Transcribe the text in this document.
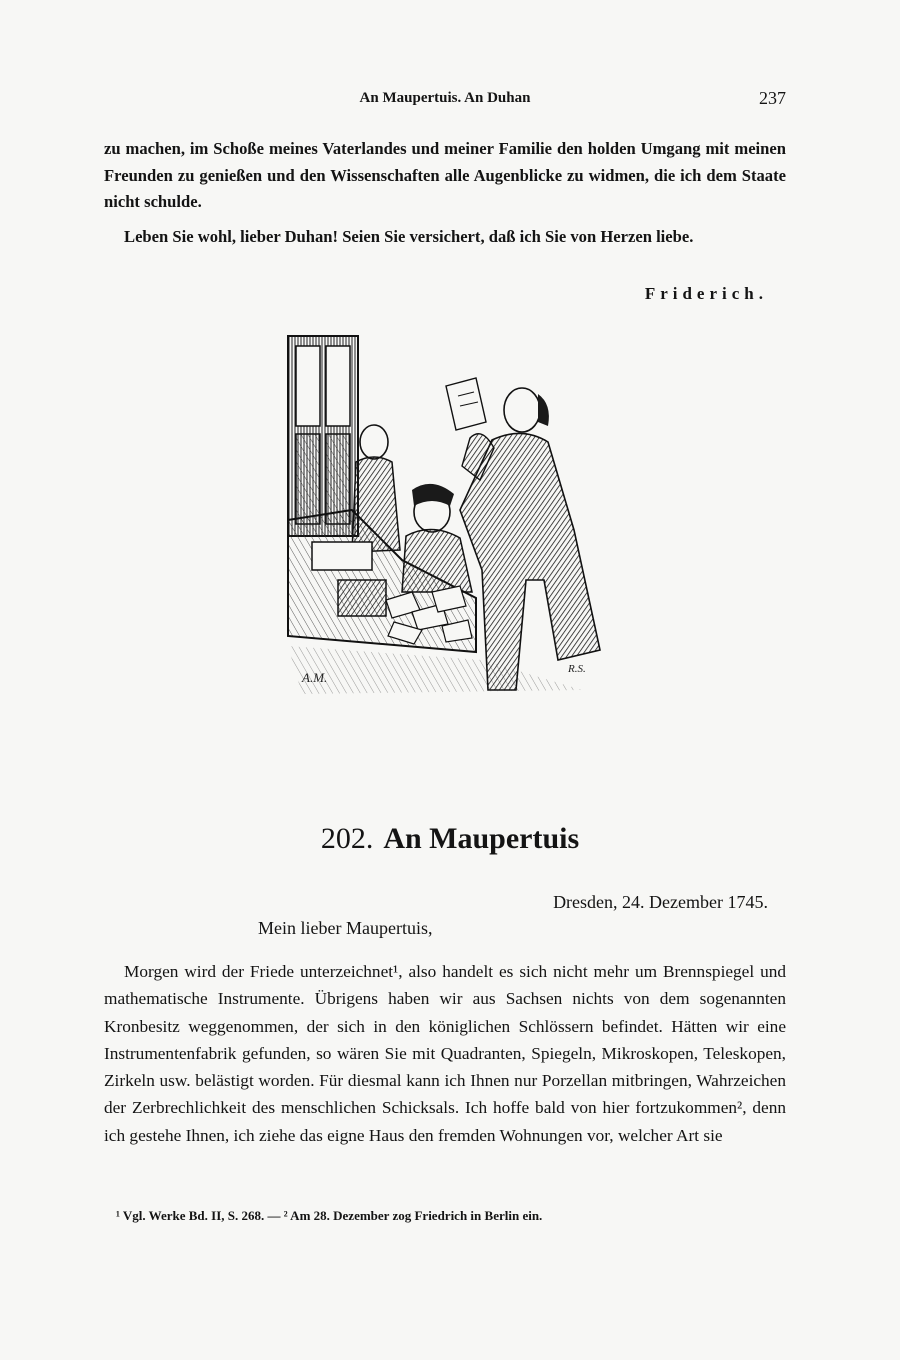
An Maupertuis. An Duhan	237

zu machen, im Schoße meines Vaterlandes und meiner Familie den holden Umgang mit meinen Freunden zu genießen und den Wissenschaften alle Augenblicke zu widmen, die ich dem Staate nicht schulde.

Leben Sie wohl, lieber Duhan! Seien Sie versichert, daß ich Sie von Herzen liebe.

Friderich.
A.M.
R.S.
202. An Maupertuis
Dresden, 24. Dezember 1745.
Mein lieber Maupertuis,

Morgen wird der Friede unterzeichnet¹, also handelt es sich nicht mehr um Brennspiegel und mathematische Instrumente. Übrigens haben wir aus Sachsen nichts von dem sogenannten Kronbesitz weggenommen, der sich in den königlichen Schlössern befindet. Hätten wir eine Instrumentenfabrik gefunden, so wären Sie mit Quadranten, Spiegeln, Mikroskopen, Teleskopen, Zirkeln usw. belästigt worden. Für diesmal kann ich Ihnen nur Porzellan mitbringen, Wahrzeichen der Zerbrechlichkeit des menschlichen Schicksals. Ich hoffe bald von hier fortzukommen², denn ich gestehe Ihnen, ich ziehe das eigne Haus den fremden Wohnungen vor, welcher Art sie

¹ Vgl. Werke Bd. II, S. 268. — ² Am 28. Dezember zog Friedrich in Berlin ein.
